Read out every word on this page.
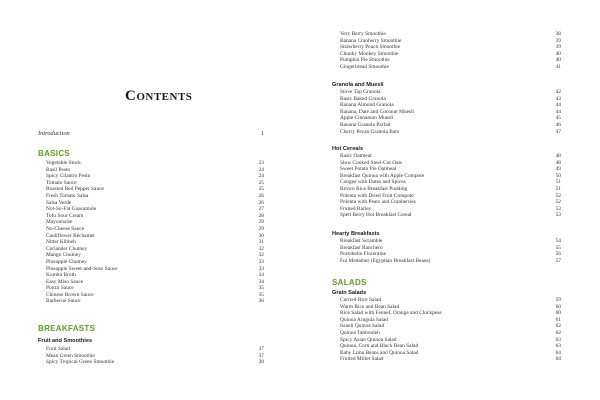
Contents
Introduction	1
BASICS
Vegetable Stock	23
Basil Pesto	24
Spicy Cilantro Pesto	24
Tomato Sauce	25
Roasted Red Pepper Sauce	25
Fresh Tomato Salsa	26
Salsa Verde	26
Not-So-Fat Guacamole	27
Tofu Sour Cream	28
Mayonnaise	29
No-Cheese Sauce	29
Cauliflower Béchamel	30
Nitter Kibbeh	31
Coriander Chutney	32
Mango Chutney	32
Pineapple Chutney	33
Pineapple Sweet-and-Sour Sauce	33
Kombu Broth	34
Easy Miso Sauce	34
Ponzu Sauce	35
Chinese Brown Sauce	35
Barbecue Sauce	36
BREAKFASTS
Fruit and Smoothies
Fruit Salad	37
Mean Green Smoothie	37
Spicy Tropical Green Smoothie	38
Very Berry Smoothie	38
Banana Cranberry Smoothie	39
Strawberry Peach Smoothie	39
Chunky Monkey Smoothie	40
Pumpkin Pie Smoothie	40
Gingerbread Smoothie	41
Granola and Muesli
Stove Top Granola	42
Basic Baked Granola	43
Banana Almond Granola	44
Banana, Date and Coconut Muesli	44
Apple Cinnamon Muesli	45
Banana Granola Parfait	46
Cherry Pecan Granola Bars	47
Hot Cereals
Basic Oatmeal	48
Slow Cooked Steel-Cut Oats	48
Sweet Potato Pie Oatmeal	49
Breakfast Quinoa with Apple Compote	50
Congee with Dates and Spices	51
Brown Rice Breakfast Pudding	51
Polenta with Dried Fruit Compote	52
Polenta with Pears and Cranberries	52
Fruited Barley	53
Spelt Berry Hot Breakfast Cereal	53
Hearty Breakfasts
Breakfast Scramble	54
Breakfast Ranchero	55
Portobello Florentine	56
Ful Medames (Egyptian Breakfast Beans)	57
SALADS
Grain Salads
Curried Rice Salad	59
Warm Rice and Bean Salad	60
Rice Salad with Fennel, Orange and Chickpeas	60
Quinoa Arugula Salad	61
Israeli Quinoa Salad	62
Quinoa Tabbouleh	62
Spicy Asian Quinoa Salad	63
Quinoa, Corn and Black Bean Salad	63
Baby Lima Beans and Quinoa Salad	64
Fruited Millet Salad	64
